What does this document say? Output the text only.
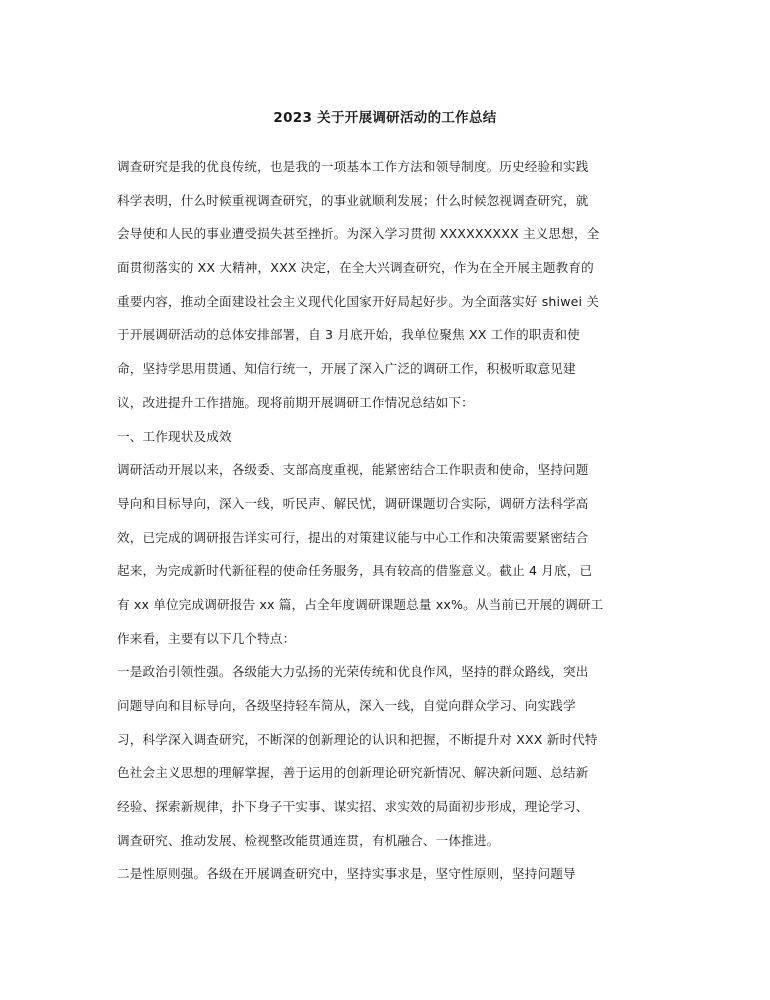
2023 关于开展调研活动的工作总结
调查研究是我的优良传统，也是我的一项基本工作方法和领导制度。历史经验和实践
科学表明，什么时候重视调查研究，的事业就顺利发展；什么时候忽视调查研究，就
会导使和人民的事业遭受损失甚至挫折。为深入学习贯彻 XXXXXXXXX 主义思想，全
面贯彻落实的 XX 大精神，XXX 决定，在全大兴调查研究，作为在全开展主题教育的
重要内容，推动全面建设社会主义现代化国家开好局起好步。为全面落实好 shiwei 关
于开展调研活动的总体安排部署，自 3 月底开始，我单位聚焦 XX 工作的职责和使
命，坚持学思用贯通、知信行统一，开展了深入广泛的调研工作，积极听取意见建
议，改进提升工作措施。现将前期开展调研工作情况总结如下：
一、工作现状及成效
调研活动开展以来，各级委、支部高度重视，能紧密结合工作职责和使命，坚持问题
导向和目标导向，深入一线，听民声、解民忧，调研课题切合实际，调研方法科学高
效，已完成的调研报告详实可行，提出的对策建议能与中心工作和决策需要紧密结合
起来，为完成新时代新征程的使命任务服务，具有较高的借鉴意义。截止 4 月底，已
有 xx 单位完成调研报告 xx 篇，占全年度调研课题总量 xx%。从当前已开展的调研工
作来看，主要有以下几个特点：
一是政治引领性强。各级能大力弘扬的光荣传统和优良作风，坚持的群众路线，突出
问题导向和目标导向，各级坚持轻车简从，深入一线，自觉向群众学习、向实践学
习，科学深入调查研究，不断深的创新理论的认识和把握，不断提升对 XXX 新时代特
色社会主义思想的理解掌握，善于运用的创新理论研究新情况、解决新问题、总结新
经验、探索新规律，扑下身子干实事、谋实招、求实效的局面初步形成，理论学习、
调查研究、推动发展、检视整改能贯通连贯，有机融合、一体推进。
二是性原则强。各级在开展调查研究中，坚持实事求是，坚守性原则，坚持问题导
